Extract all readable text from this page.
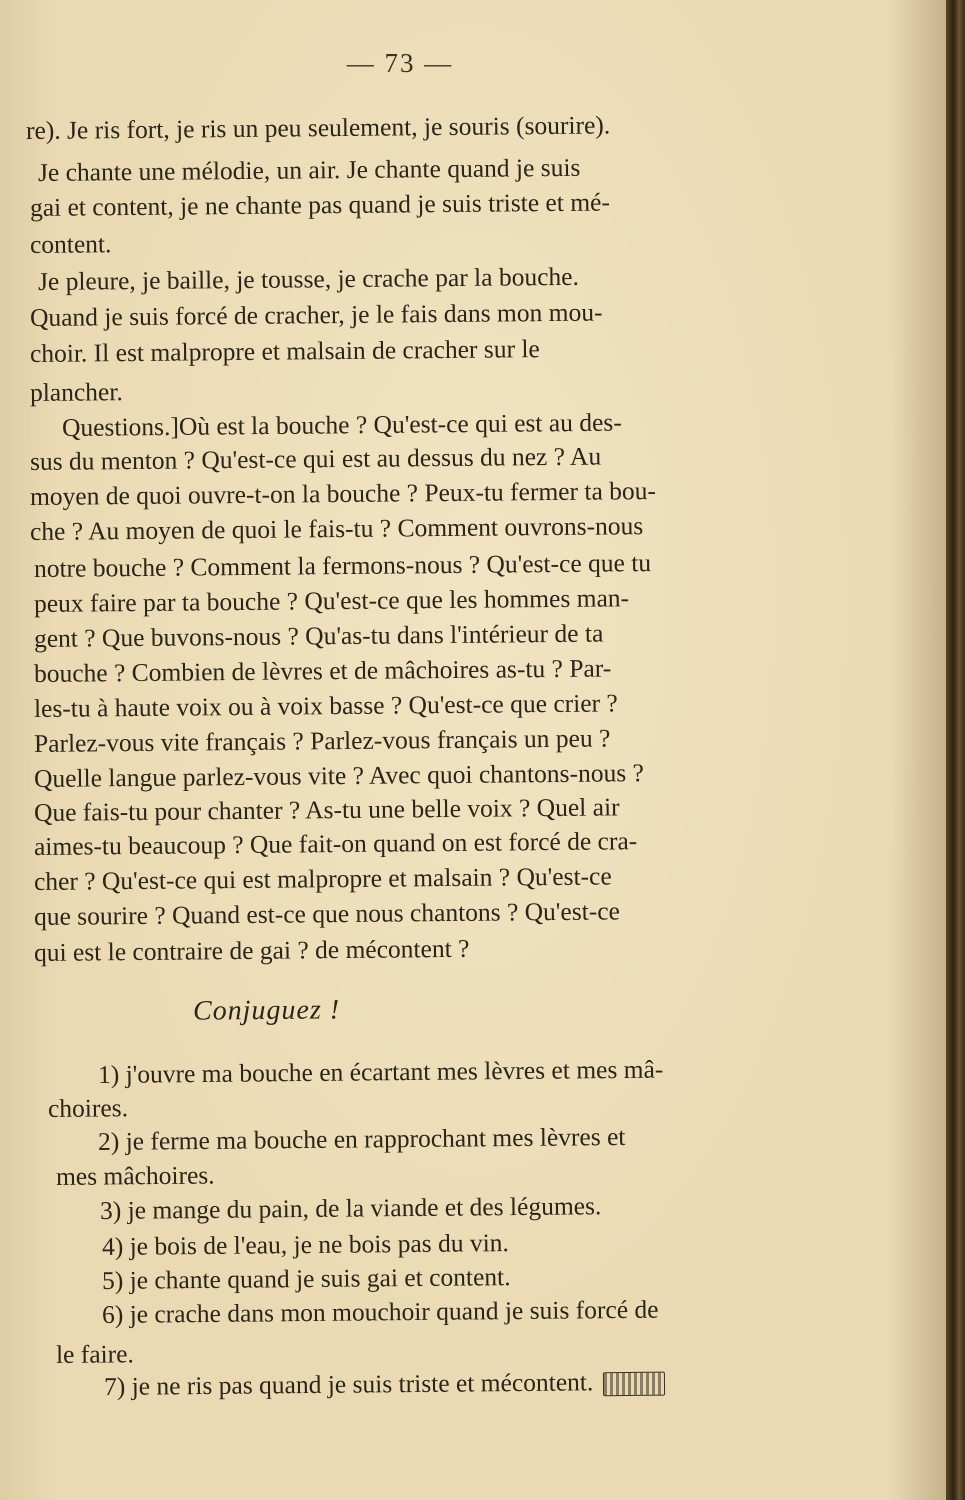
— 73 —
re). Je ris fort, je ris un peu seulement, je souris (sourire).
Je chante une mélodie, un air. Je chante quand je suis
gai et content, je ne chante pas quand je suis triste et mé-
content.
Je pleure, je baille, je tousse, je crache par la bouche.
Quand je suis forcé de cracher, je le fais dans mon mou-
choir. Il est malpropre et malsain de cracher sur le
plancher.
Questions.]Où est la bouche ? Qu'est-ce qui est au des-
sus du menton ? Qu'est-ce qui est au dessus du nez ? Au
moyen de quoi ouvre-t-on la bouche ? Peux-tu fermer ta bou-
che ? Au moyen de quoi le fais-tu ? Comment ouvrons-nous
notre bouche ? Comment la fermons-nous ? Qu'est-ce que tu
peux faire par ta bouche ? Qu'est-ce que les hommes man-
gent ? Que buvons-nous ? Qu'as-tu dans l'intérieur de ta
bouche ? Combien de lèvres et de mâchoires as-tu ? Par-
les-tu à haute voix ou à voix basse ? Qu'est-ce que crier ?
Parlez-vous vite français ? Parlez-vous français un peu ?
Quelle langue parlez-vous vite ? Avec quoi chantons-nous ?
Que fais-tu pour chanter ? As-tu une belle voix ? Quel air
aimes-tu beaucoup ? Que fait-on quand on est forcé de cra-
cher ? Qu'est-ce qui est malpropre et malsain ? Qu'est-ce
que sourire ? Quand est-ce que nous chantons ? Qu'est-ce
qui est le contraire de gai ? de mécontent ?
Conjuguez !
1) j'ouvre ma bouche en écartant mes lèvres et mes mâ-
choires.
2) je ferme ma bouche en rapprochant mes lèvres et
mes mâchoires.
3) je mange du pain, de la viande et des légumes.
4) je bois de l'eau, je ne bois pas du vin.
5) je chante quand je suis gai et content.
6) je crache dans mon mouchoir quand je suis forcé de
le faire.
7) je ne ris pas quand je suis triste et mécontent.
